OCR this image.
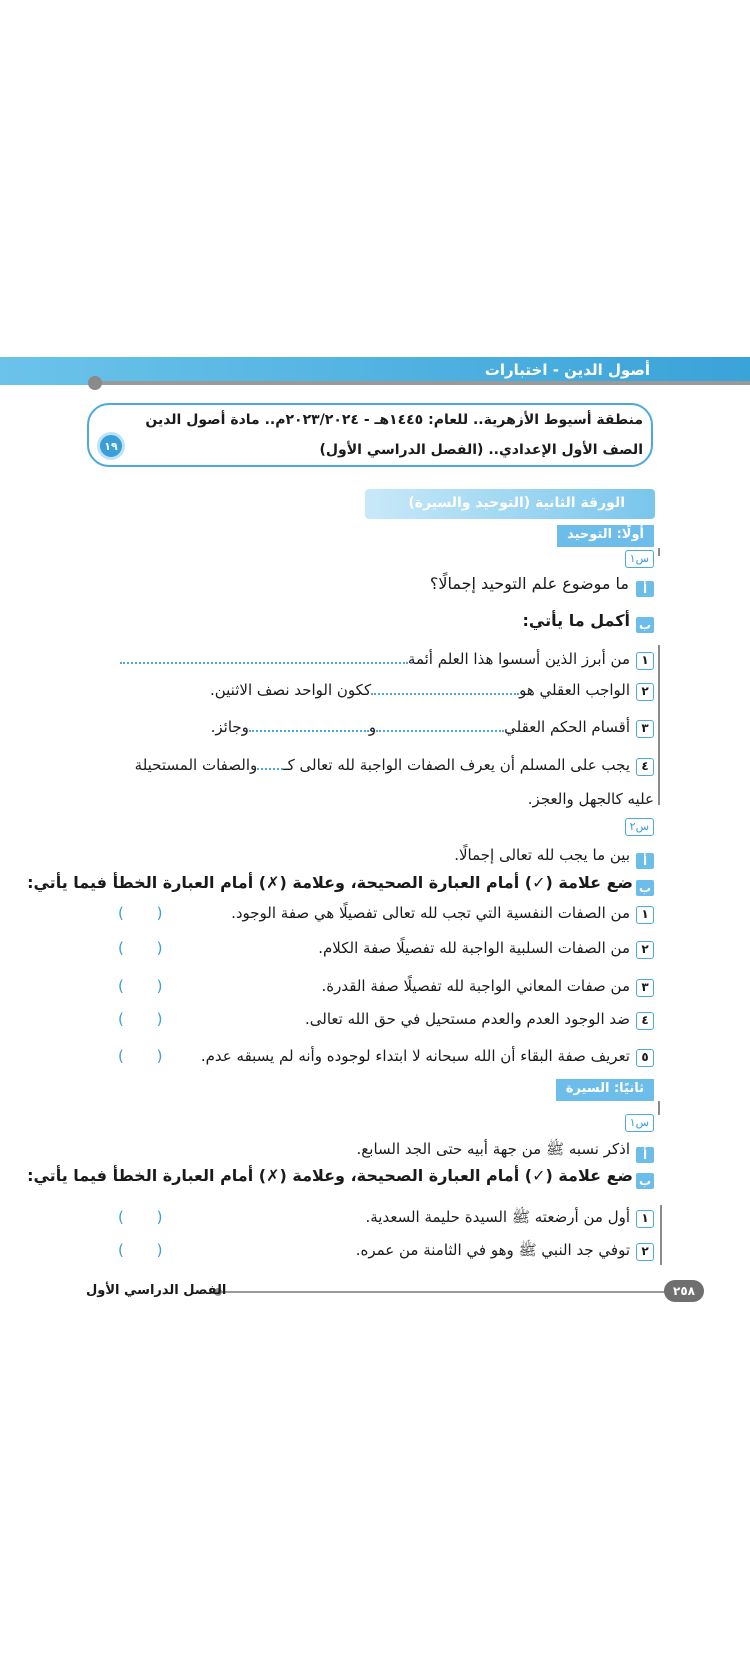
أصول الدين - اختبارات
منطقة أسيوط الأزهرية.. للعام: ١٤٤٥هـ - ٢٠٢٣/٢٠٢٤م.. مادة أصول الدين
الصف الأول الإعدادي.. (الفصل الدراسي الأول)
١٩
الورقة الثانية (التوحيد والسيرة)
أولًا: التوحيد
س١
أ
ما موضوع علم التوحيد إجمالًا؟
ب
أكمل ما يأتي:
١
من أبرز الذين أسسوا هذا العلم أئمة
٢
الواجب العقلي هوككون الواحد نصف الاثنين.
٣
أقسام الحكم العقليووجائز.
٤
يجب على المسلم أن يعرف الصفات الواجبة لله تعالى كـوالصفات المستحيلة
عليه كالجهل والعجز.
س٢
أ
بين ما يجب لله تعالى إجمالًا.
ب
ضع علامة (✓) أمام العبارة الصحيحة، وعلامة (✗) أمام العبارة الخطأ فيما يأتي:
١
من الصفات النفسية التي تجب لله تعالى تفصيلًا هي صفة الوجود.
( )
٢
من الصفات السلبية الواجبة لله تفصيلًا صفة الكلام.
( )
٣
من صفات المعاني الواجبة لله تفصيلًا صفة القدرة.
( )
٤
ضد الوجود العدم والعدم مستحيل في حق الله تعالى.
( )
٥
تعريف صفة البقاء أن الله سبحانه لا ابتداء لوجوده وأنه لم يسبقه عدم.
( )
ثانيًا: السيرة
س١
أ
اذكر نسبه ﷺ من جهة أبيه حتى الجد السابع.
ب
ضع علامة (✓) أمام العبارة الصحيحة، وعلامة (✗) أمام العبارة الخطأ فيما يأتي:
١
أول من أرضعته ﷺ السيدة حليمة السعدية.
( )
٢
توفي جد النبي ﷺ وهو في الثامنة من عمره.
( )
٢٥٨
الفصل الدراسي الأول
